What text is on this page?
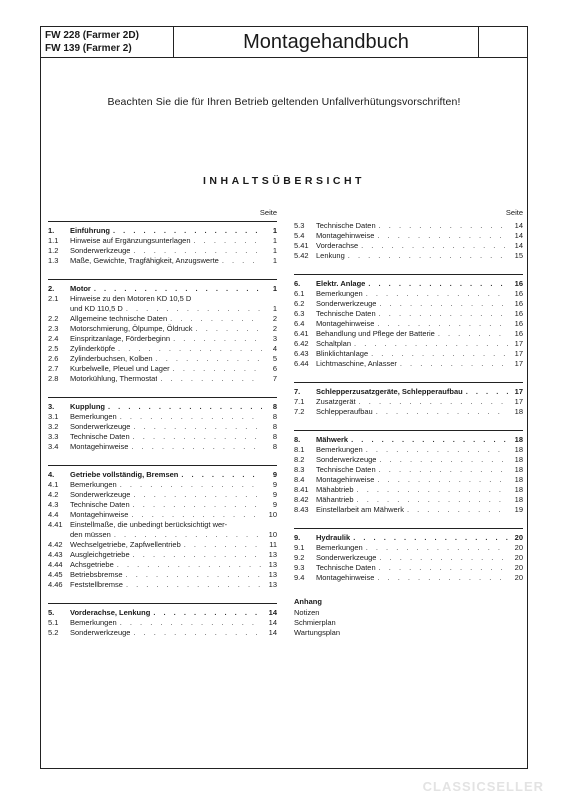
FW 228 (Farmer 2D)
FW 139 (Farmer 2)	Montagehandbuch
Beachten Sie die für Ihren Betrieb geltenden Unfallverhütungsvorschriften!
INHALTSÜBERSICHT
Seite
1.	Einführung . . .	1
1.1	Hinweise auf Ergänzungsunterlagen . . .	1
1.2	Sonderwerkzeuge . . .	1
1.3	Maße, Gewichte, Tragfähigkeit, Anzugswerte . . .	1
2.	Motor . . .	1
2.1	Hinweise zu den Motoren KD 10,5 D
und KD 110,5 D . . .	1
2.2	Allgemeine technische Daten . . .	2
2.3	Motorschmierung, Ölpumpe, Öldruck . . .	2
2.4	Einspritzanlage, Förderbeginn . . .	3
2.5	Zylinderköpfe . . .	4
2.6	Zylinderbuchsen, Kolben . . .	5
2.7	Kurbelwelle, Pleuel und Lager . . .	6
2.8	Motorkühlung, Thermostat . . .	7
3.	Kupplung . . .	8
3.1	Bemerkungen . . .	8
3.2	Sonderwerkzeuge . . .	8
3.3	Technische Daten . . .	8
3.4	Montagehinweise . . .	8
4.	Getriebe vollständig, Bremsen . . .	9
4.1	Bemerkungen . . .	9
4.2	Sonderwerkzeuge . . .	9
4.3	Technische Daten . . .	9
4.4	Montagehinweise . . .	10
4.41 Einstellmaße, die unbedingt berücksichtigt wer-
den müssen . . .	10
4.42 Wechselgetriebe, Zapfwellentrieb . . .	11
4.43 Ausgleichgetriebe . . .	13
4.44 Achsgetriebe . . .	13
4.45 Betriebsbremse . . .	13
4.46 Feststellbremse . . .	13
5.	Vorderachse, Lenkung . . .	14
5.1	Bemerkungen . . .	14
5.2	Sonderwerkzeuge . . .	14
Seite
5.3	Technische Daten . . .	14
5.4	Montagehinweise . . .	14
5.41 Vorderachse . . .	14
5.42 Lenkung . . .	15
6.	Elektr. Anlage . . .	16
6.1	Bemerkungen . . .	16
6.2	Sonderwerkzeuge . . .	16
6.3	Technische Daten . . .	16
6.4	Montagehinweise . . .	16
6.41 Behandlung und Pflege der Batterie . . .	16
6.42 Schaltplan . . .	17
6.43 Blinklichtanlage . . .	17
6.44 Lichtmaschine, Anlasser . . .	17
7.	Schlepperzusatzgeräte, Schlepperaufbau . . .	17
7.1	Zusatzgerät . . .	17
7.2	Schlepperaufbau . . .	18
8.	Mähwerk . . .	18
8.1	Bemerkungen . . .	18
8.2	Sonderwerkzeuge . . .	18
8.3	Technische Daten . . .	18
8.4	Montagehinweise . . .	18
8.41 Mähabtrieb . . .	18
8.42 Mähantrieb . . .	18
8.43 Einstellarbeit am Mähwerk . . .	19
9.	Hydraulik . . .	20
9.1	Bemerkungen . . .	20
9.2	Sonderwerkzeuge . . .	20
9.3	Technische Daten . . .	20
9.4	Montagehinweise . . .	20
Anhang
Notizen
Schmierplan
Wartungsplan
CLASSICSELLER
